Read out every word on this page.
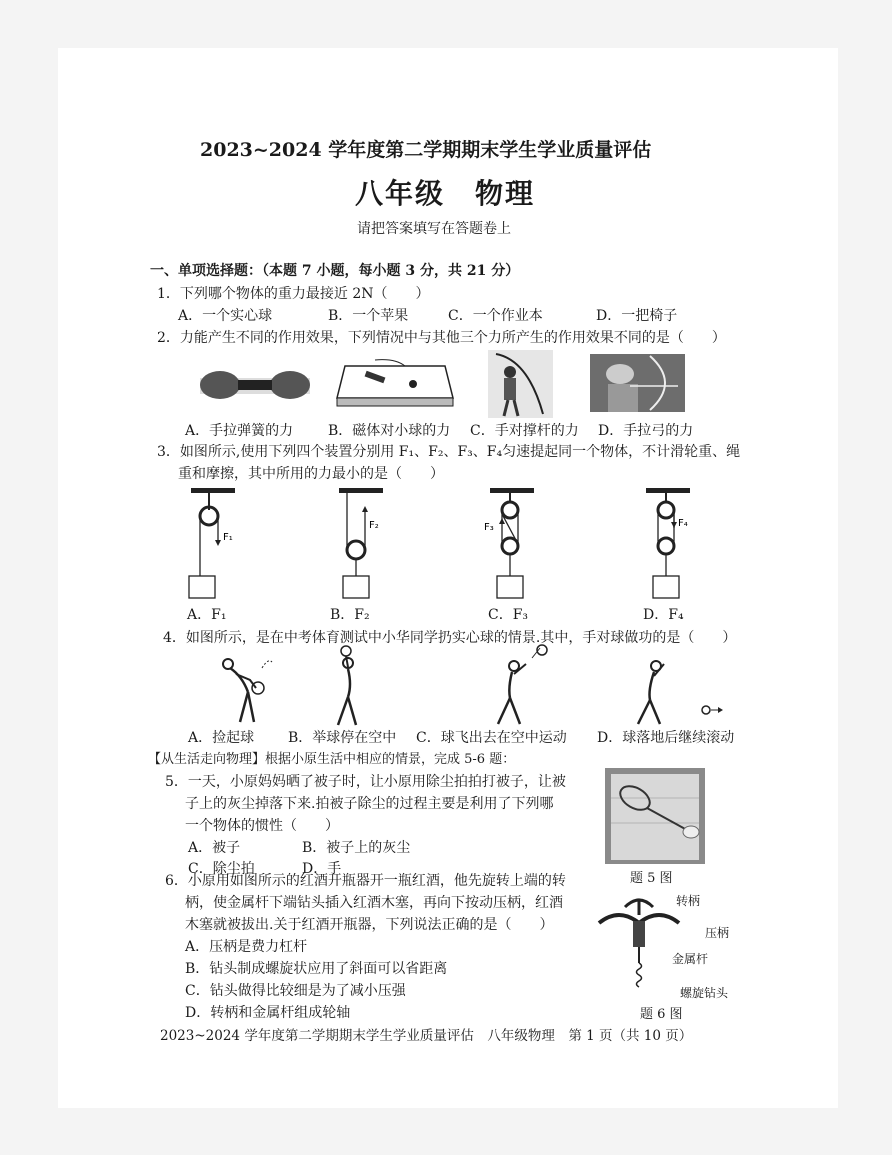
2023~2024 学年度第二学期期末学生学业质量评估
八年级　物理
请把答案填写在答题卷上
一、单项选择题：（本题 7 小题，每小题 3 分，共 21 分）
1．下列哪个物体的重力最接近 2N（　　）
A．一个实心球	B．一个苹果	C．一个作业本	D．一把椅子
2．力能产生不同的作用效果，下列情况中与其他三个力所产生的作用效果不同的是（　　）
A．手拉弹簧的力 B．磁体对小球的力 C．手对撑杆的力 D．手拉弓的力
3．如图所示,使用下列四个装置分别用 F₁、F₂、F₃、F₄匀速提起同一个物体，不计滑轮重、绳
重和摩擦，其中所用的力最小的是（　　）
F₁
F₂	F₃	F₄
A．F₁	B．F₂	C．F₃	D．F₄
4．如图所示，是在中考体育测试中小华同学扔实心球的情景.其中，手对球做功的是（　　）
A．捡起球 B．举球停在空中 C．球飞出去在空中运动 D．球落地后继续滚动
【从生活走向物理】根据小原生活中相应的情景，完成 5-6 题：
5．一天，小原妈妈晒了被子时，让小原用除尘拍拍打被子，让被
子上的灰尘掉落下来.拍被子除尘的过程主要是利用了下列哪
一个物体的惯性（　　）
A．被子	B．被子上的灰尘
C．除尘拍	D．手
题 5 图
6．小原用如图所示的红酒开瓶器开一瓶红酒，他先旋转上端的转
柄，使金属杆下端钻头插入红酒木塞，再向下按动压柄，红酒
木塞就被拔出.关于红酒开瓶器，下列说法正确的是（　　）
A．压柄是费力杠杆
B．钻头制成螺旋状应用了斜面可以省距离
C．钻头做得比较细是为了减小压强
D．转柄和金属杆组成轮轴
转柄
压柄
金属杆
螺旋钻头
题 6 图
2023~2024 学年度第二学期期末学生学业质量评估　八年级物理　第 1 页（共 10 页）
